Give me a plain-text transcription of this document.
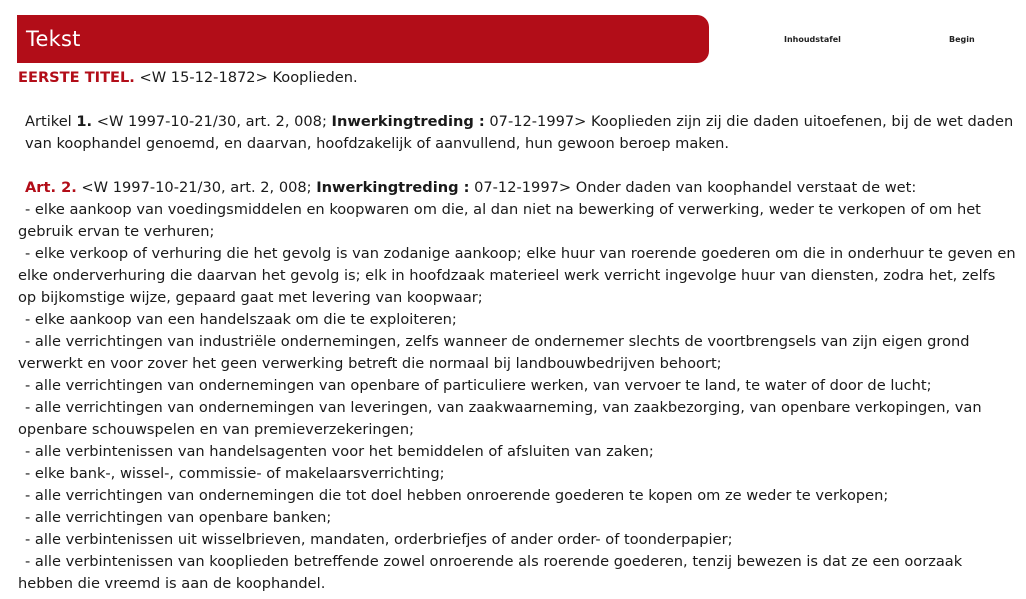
Tekst	Inhoudstafel	Begin

EERSTE TITEL. <W 15-12-1872> Kooplieden.

Artikel 1. <W 1997-10-21/30, art. 2, 008; Inwerkingtreding : 07-12-1997> Kooplieden zijn zij die daden uitoefenen, bij de wet daden van koophandel genoemd, en daarvan, hoofdzakelijk of aanvullend, hun gewoon beroep maken.

Art. 2. <W 1997-10-21/30, art. 2, 008; Inwerkingtreding : 07-12-1997> Onder daden van koophandel verstaat de wet:

- elke aankoop van voedingsmiddelen en koopwaren om die, al dan niet na bewerking of verwerking, weder te verkopen of om het gebruik ervan te verhuren;

- elke verkoop of verhuring die het gevolg is van zodanige aankoop; elke huur van roerende goederen om die in onderhuur te geven en elke onderverhuring die daarvan het gevolg is; elk in hoofdzaak materieel werk verricht ingevolge huur van diensten, zodra het, zelfs op bijkomstige wijze, gepaard gaat met levering van koopwaar;

- elke aankoop van een handelszaak om die te exploiteren;

- alle verrichtingen van industriële ondernemingen, zelfs wanneer de ondernemer slechts de voortbrengsels van zijn eigen grond verwerkt en voor zover het geen verwerking betreft die normaal bij landbouwbedrijven behoort;

- alle verrichtingen van ondernemingen van openbare of particuliere werken, van vervoer te land, te water of door de lucht;

- alle verrichtingen van ondernemingen van leveringen, van zaakwaarneming, van zaakbezorging, van openbare verkopingen, van openbare schouwspelen en van premieverzekeringen;

- alle verbintenissen van handelsagenten voor het bemiddelen of afsluiten van zaken;

- elke bank-, wissel-, commissie- of makelaarsverrichting;

- alle verrichtingen van ondernemingen die tot doel hebben onroerende goederen te kopen om ze weder te verkopen;

- alle verrichtingen van openbare banken;

- alle verbintenissen uit wisselbrieven, mandaten, orderbriefjes of ander order- of toonderpapier;

- alle verbintenissen van kooplieden betreffende zowel onroerende als roerende goederen, tenzij bewezen is dat ze een oorzaak hebben die vreemd is aan de koophandel.
